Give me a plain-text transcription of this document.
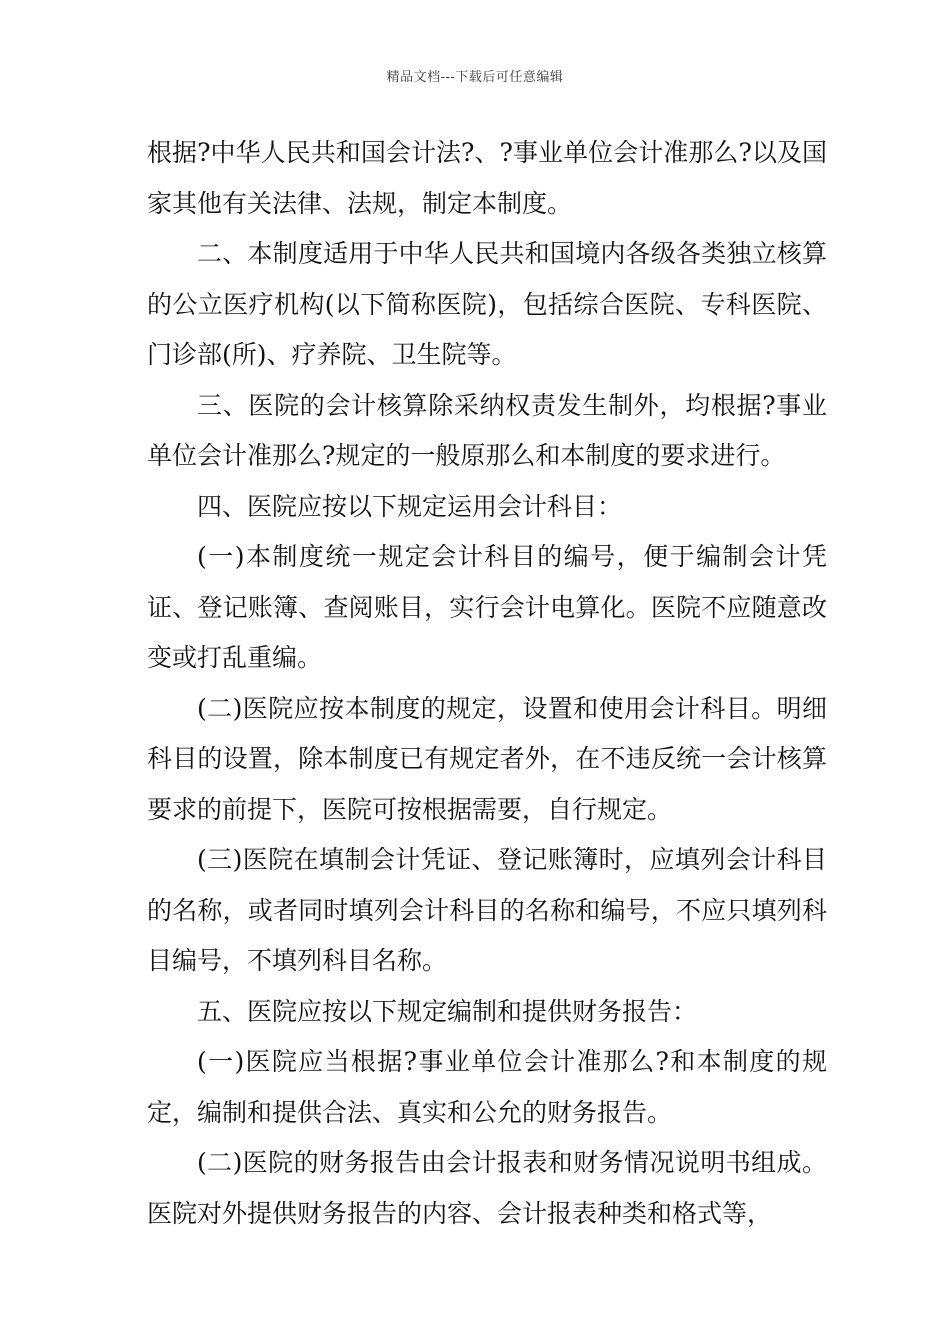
精品文档---下载后可任意编辑

根据?中华人民共和国会计法?、?事业单位会计准那么?以及国家其他有关法律、法规，制定本制度。

二、本制度适用于中华人民共和国境内各级各类独立核算的公立医疗机构(以下简称医院)，包括综合医院、专科医院、门诊部(所)、疗养院、卫生院等。

三、医院的会计核算除采纳权责发生制外，均根据?事业单位会计准那么?规定的一般原那么和本制度的要求进行。

四、医院应按以下规定运用会计科目：

(一)本制度统一规定会计科目的编号，便于编制会计凭证、登记账簿、查阅账目，实行会计电算化。医院不应随意改变或打乱重编。

(二)医院应按本制度的规定，设置和使用会计科目。明细科目的设置，除本制度已有规定者外，在不违反统一会计核算要求的前提下，医院可按根据需要，自行规定。

(三)医院在填制会计凭证、登记账簿时，应填列会计科目的名称，或者同时填列会计科目的名称和编号，不应只填列科目编号，不填列科目名称。

五、医院应按以下规定编制和提供财务报告：

(一)医院应当根据?事业单位会计准那么?和本制度的规定，编制和提供合法、真实和公允的财务报告。

(二)医院的财务报告由会计报表和财务情况说明书组成。医院对外提供财务报告的内容、会计报表种类和格式等，
